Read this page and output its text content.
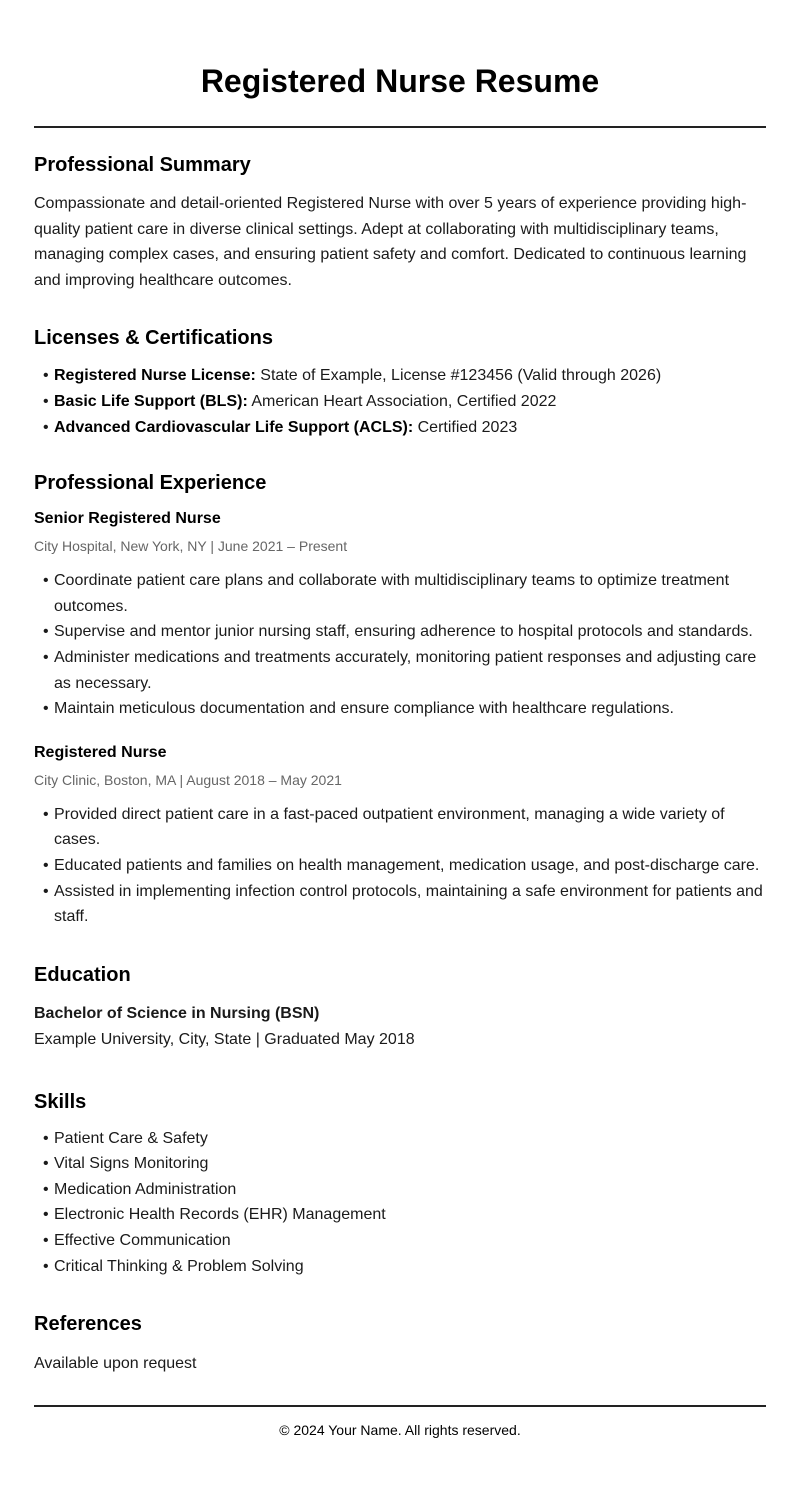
Registered Nurse Resume
Professional Summary

Compassionate and detail-oriented Registered Nurse with over 5 years of experience providing high-quality patient care in diverse clinical settings. Adept at collaborating with multidisciplinary teams, managing complex cases, and ensuring patient safety and comfort. Dedicated to continuous learning and improving healthcare outcomes.

Licenses & Certifications
• Registered Nurse License: State of Example, License #123456 (Valid through 2026)
• Basic Life Support (BLS): American Heart Association, Certified 2022
• Advanced Cardiovascular Life Support (ACLS): Certified 2023
Professional Experience
Senior Registered Nurse

City Hospital, New York, NY | June 2021 – Present

• Coordinate patient care plans and collaborate with multidisciplinary teams to optimize treatment outcomes.
• Supervise and mentor junior nursing staff, ensuring adherence to hospital protocols and standards.
• Administer medications and treatments accurately, monitoring patient responses and adjusting care as necessary.
• Maintain meticulous documentation and ensure compliance with healthcare regulations.
Registered Nurse

City Clinic, Boston, MA | August 2018 – May 2021

• Provided direct patient care in a fast-paced outpatient environment, managing a wide variety of cases.
• Educated patients and families on health management, medication usage, and post-discharge care.
• Assisted in implementing infection control protocols, maintaining a safe environment for patients and staff.
Education

Bachelor of Science in Nursing (BSN)

Example University, City, State | Graduated May 2018

Skills
• Patient Care & Safety
• Vital Signs Monitoring
• Medication Administration
• Electronic Health Records (EHR) Management
• Effective Communication
• Critical Thinking & Problem Solving
References

Available upon request

© 2024 Your Name. All rights reserved.
